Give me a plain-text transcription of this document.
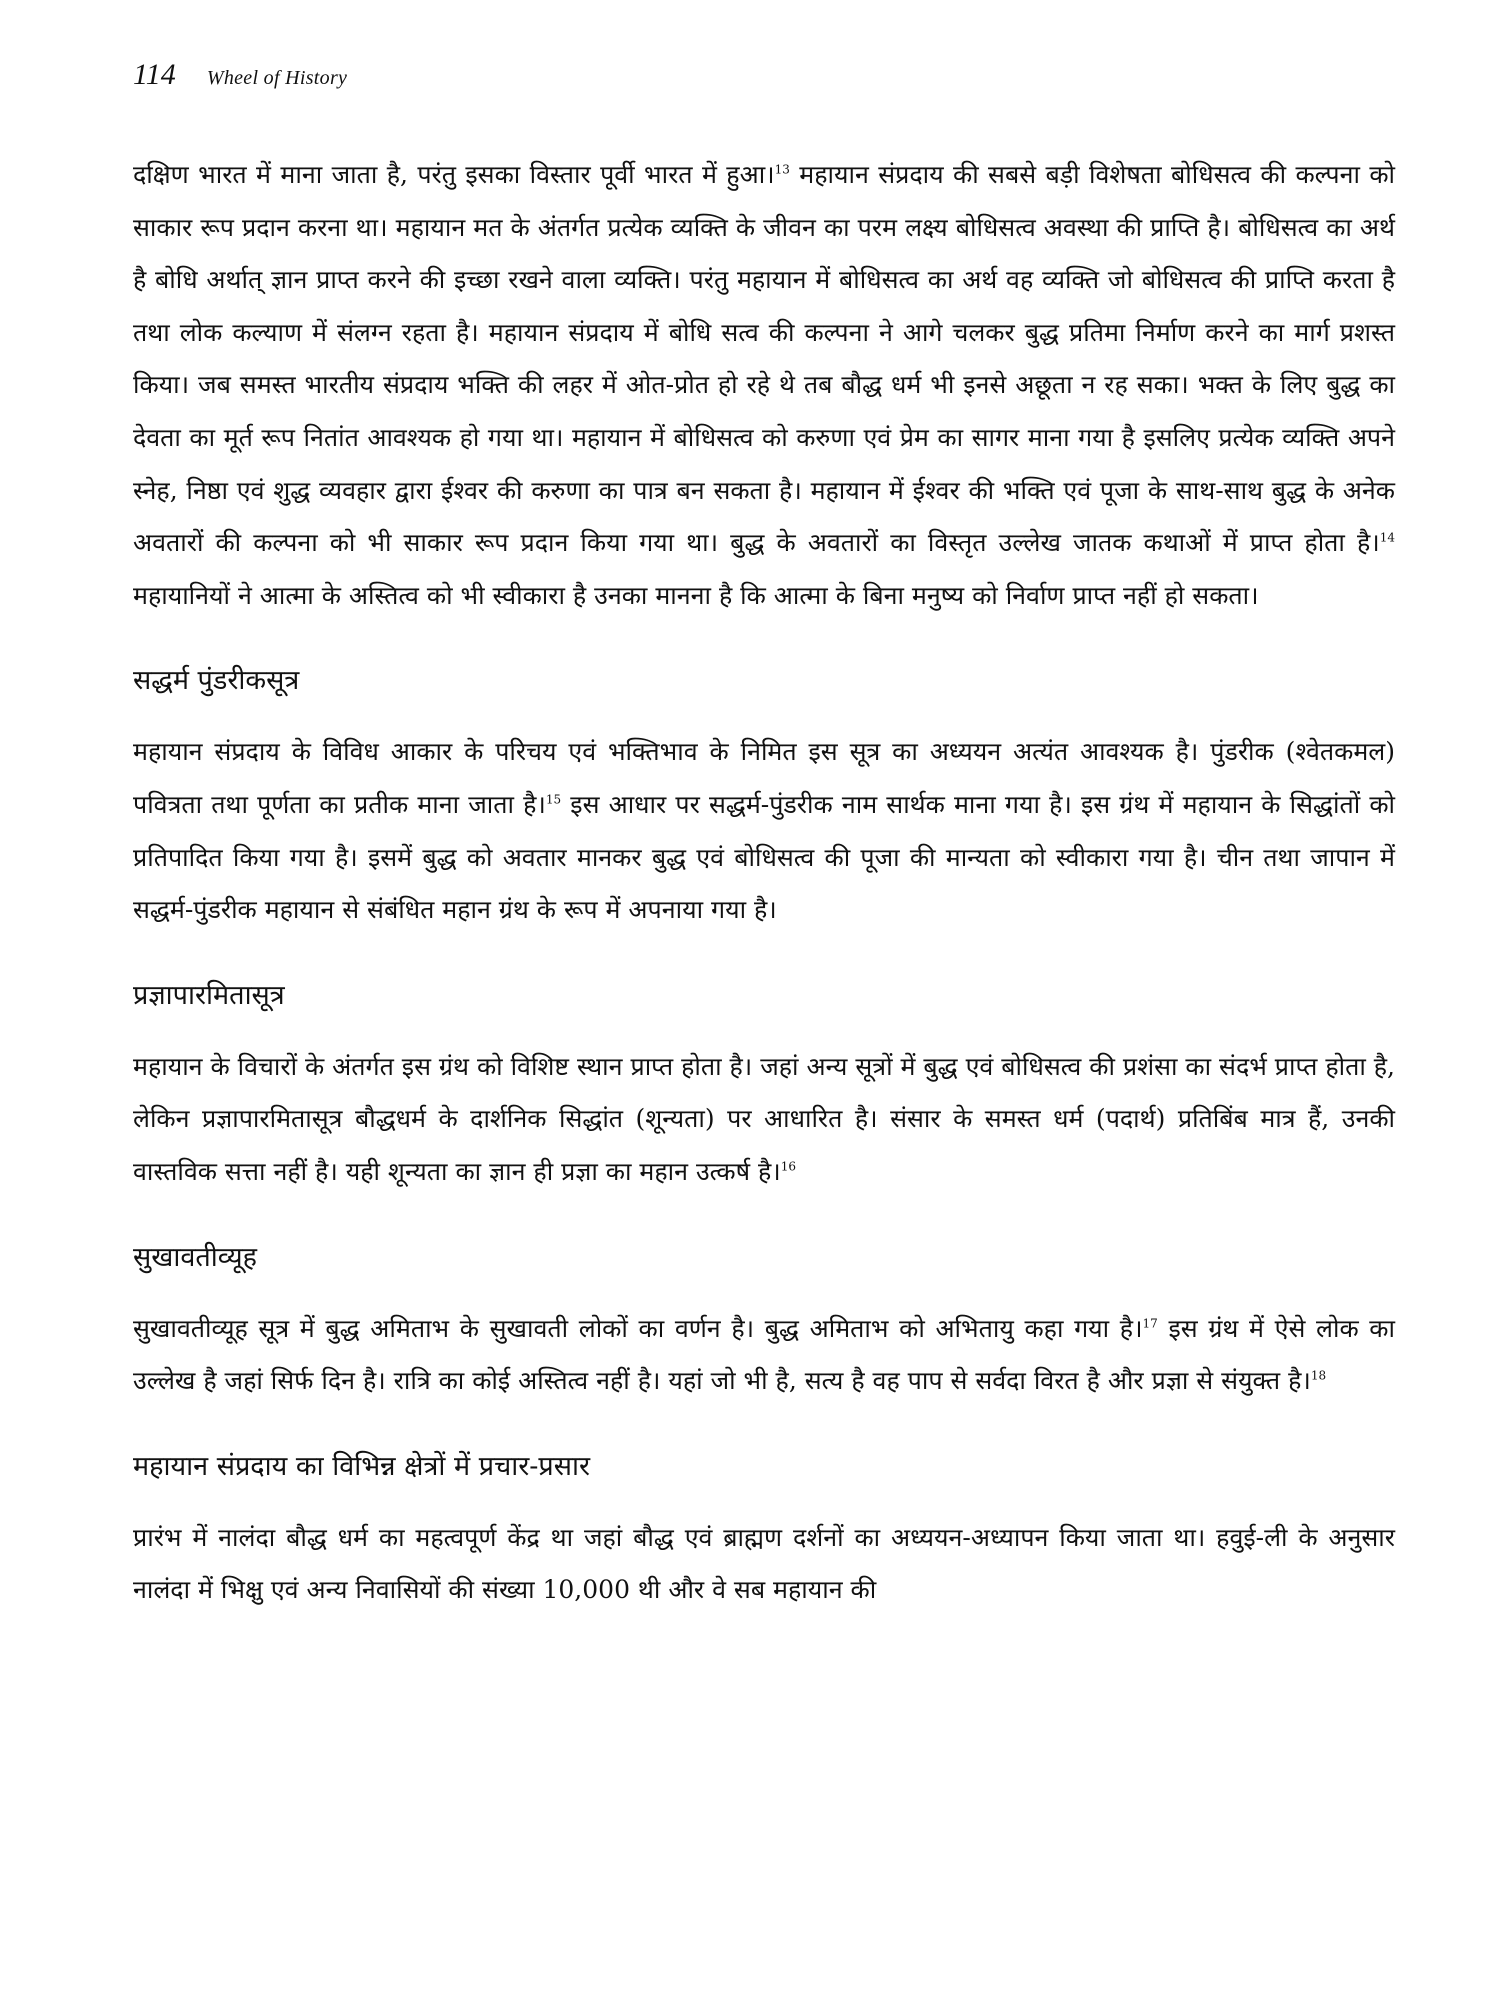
114 Wheel of History

दक्षिण भारत में माना जाता है, परंतु इसका विस्तार पूर्वी भारत में हुआ।$^{13}$ महायान संप्रदाय की सबसे बड़ी विशेषता बोधिसत्व की कल्पना को साकार रूप प्रदान करना था। महायान मत के अंतर्गत प्रत्येक व्यक्ति के जीवन का परम लक्ष्य बोधिसत्व अवस्था की प्राप्ति है। बोधिसत्व का अर्थ है बोधि अर्थात् ज्ञान प्राप्त करने की इच्छा रखने वाला व्यक्ति। परंतु महायान में बोधिसत्व का अर्थ वह व्यक्ति जो बोधिसत्व की प्राप्ति करता है तथा लोक कल्याण में संलग्न रहता है। महायान संप्रदाय में बोधि सत्व की कल्पना ने आगे चलकर बुद्ध प्रतिमा निर्माण करने का मार्ग प्रशस्त किया। जब समस्त भारतीय संप्रदाय भक्ति की लहर में ओत-प्रोत हो रहे थे तब बौद्ध धर्म भी इनसे अछूता न रह सका। भक्त के लिए बुद्ध का देवता का मूर्त रूप नितांत आवश्यक हो गया था। महायान में बोधिसत्व को करुणा एवं प्रेम का सागर माना गया है इसलिए प्रत्येक व्यक्ति अपने स्नेह, निष्ठा एवं शुद्ध व्यवहार द्वारा ईश्वर की करुणा का पात्र बन सकता है। महायान में ईश्वर की भक्ति एवं पूजा के साथ-साथ बुद्ध के अनेक अवतारों की कल्पना को भी साकार रूप प्रदान किया गया था। बुद्ध के अवतारों का विस्तृत उल्लेख जातक कथाओं में प्राप्त होता है।$^{14}$ महायानियों ने आत्मा के अस्तित्व को भी स्वीकारा है उनका मानना है कि आत्मा के बिना मनुष्य को निर्वाण प्राप्त नहीं हो सकता।

सद्धर्म पुंडरीकसूत्र

महायान संप्रदाय के विविध आकार के परिचय एवं भक्तिभाव के निमित इस सूत्र का अध्ययन अत्यंत आवश्यक है। पुंडरीक (श्वेतकमल) पवित्रता तथा पूर्णता का प्रतीक माना जाता है।$^{15}$ इस आधार पर सद्धर्म-पुंडरीक नाम सार्थक माना गया है। इस ग्रंथ में महायान के सिद्धांतों को प्रतिपादित किया गया है। इसमें बुद्ध को अवतार मानकर बुद्ध एवं बोधिसत्व की पूजा की मान्यता को स्वीकारा गया है। चीन तथा जापान में सद्धर्म-पुंडरीक महायान से संबंधित महान ग्रंथ के रूप में अपनाया गया है।

प्रज्ञापारमितासूत्र

महायान के विचारों के अंतर्गत इस ग्रंथ को विशिष्ट स्थान प्राप्त होता है। जहां अन्य सूत्रों में बुद्ध एवं बोधिसत्व की प्रशंसा का संदर्भ प्राप्त होता है, लेकिन प्रज्ञापारमितासूत्र बौद्धधर्म के दार्शनिक सिद्धांत (शून्यता) पर आधारित है। संसार के समस्त धर्म (पदार्थ) प्रतिबिंब मात्र हैं, उनकी वास्तविक सत्ता नहीं है। यही शून्यता का ज्ञान ही प्रज्ञा का महान उत्कर्ष है।$^{16}$

सुखावतीव्यूह

सुखावतीव्यूह सूत्र में बुद्ध अमिताभ के सुखावती लोकों का वर्णन है। बुद्ध अमिताभ को अभितायु कहा गया है।$^{17}$ इस ग्रंथ में ऐसे लोक का उल्लेख है जहां सिर्फ दिन है। रात्रि का कोई अस्तित्व नहीं है। यहां जो भी है, सत्य है वह पाप से सर्वदा विरत है और प्रज्ञा से संयुक्त है।$^{18}$

महायान संप्रदाय का विभिन्न क्षेत्रों में प्रचार-प्रसार

प्रारंभ में नालंदा बौद्ध धर्म का महत्वपूर्ण केंद्र था जहां बौद्ध एवं ब्राह्मण दर्शनों का अध्ययन-अध्यापन किया जाता था। हवुई-ली के अनुसार नालंदा में भिक्षु एवं अन्य निवासियों की संख्या 10,000 थी और वे सब महायान की
